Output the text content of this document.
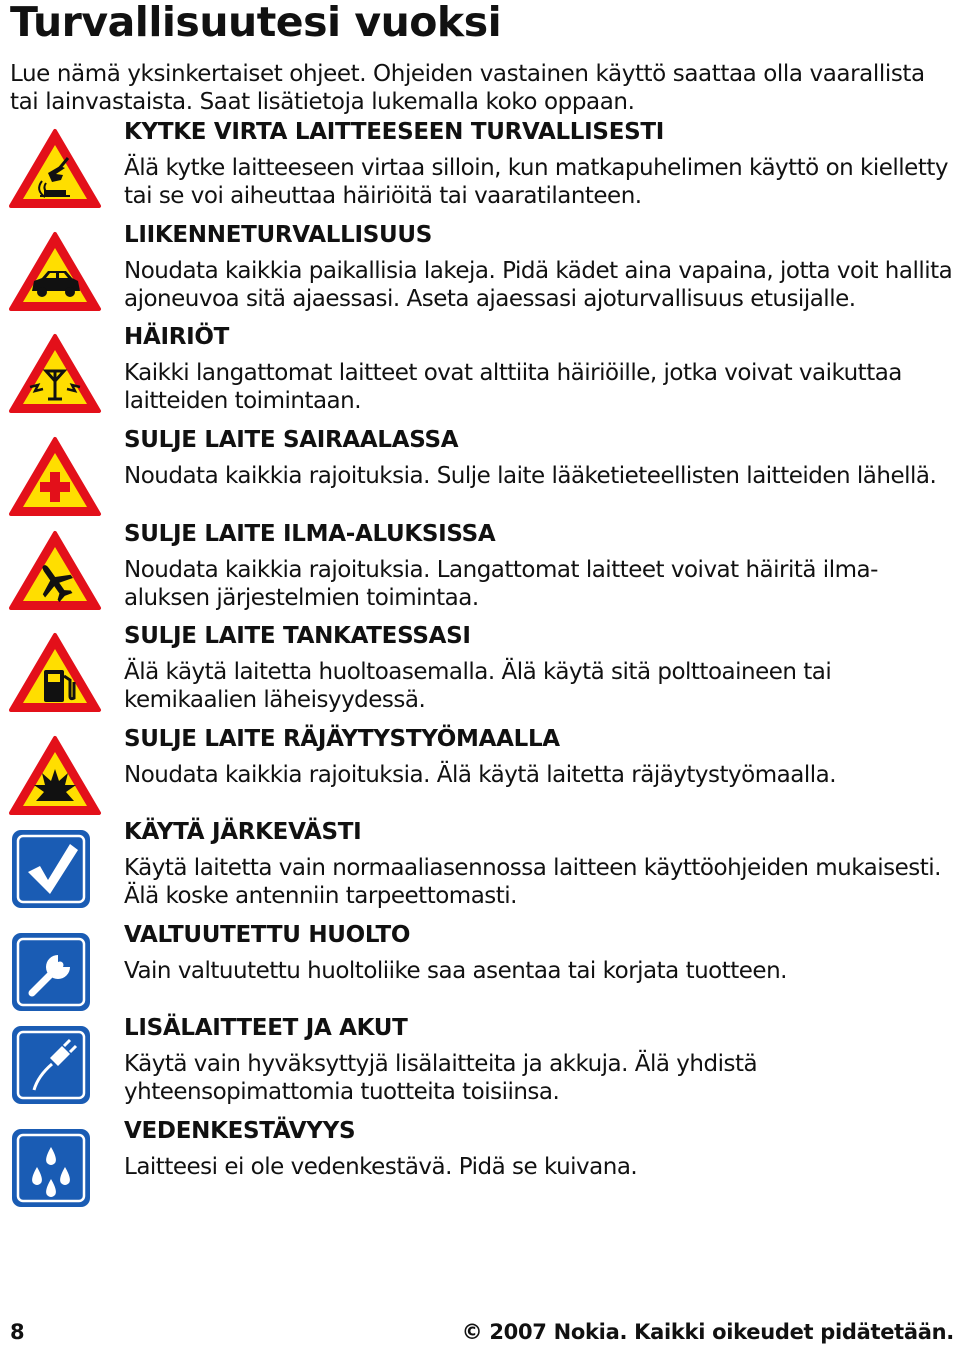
Turvallisuutesi vuoksi

Lue nämä yksinkertaiset ohjeet. Ohjeiden vastainen käyttö saattaa olla vaarallista tai lainvastaista. Saat lisätietoja lukemalla koko oppaan.

KYTKE VIRTA LAITTEESEEN TURVALLISESTI

Älä kytke laitteeseen virtaa silloin, kun matkapuhelimen käyttö on kielletty tai se voi aiheuttaa häiriöitä tai vaaratilanteen.

LIIKENNETURVALLISUUS

Noudata kaikkia paikallisia lakeja. Pidä kädet aina vapaina, jotta voit hallita ajoneuvoa sitä ajaessasi. Aseta ajaessasi ajoturvallisuus etusijalle.

HÄIRIÖT

Kaikki langattomat laitteet ovat alttiita häiriöille, jotka voivat vaikuttaa laitteiden toimintaan.

SULJE LAITE SAIRAALASSA

Noudata kaikkia rajoituksia. Sulje laite lääketieteellisten laitteiden lähellä.

SULJE LAITE ILMA-ALUKSISSA

Noudata kaikkia rajoituksia. Langattomat laitteet voivat häiritä ilma-aluksen järjestelmien toimintaa.

SULJE LAITE TANKATESSASI

Älä käytä laitetta huoltoasemalla. Älä käytä sitä polttoaineen tai kemikaalien läheisyydessä.

SULJE LAITE RÄJÄYTYSTYÖMAALLA

Noudata kaikkia rajoituksia. Älä käytä laitetta räjäytystyömaalla.

KÄYTÄ JÄRKEVÄSTI

Käytä laitetta vain normaaliasennossa laitteen käyttöohjeiden mukaisesti. Älä koske antenniin tarpeettomasti.

VALTUUTETTU HUOLTO

Vain valtuutettu huoltoliike saa asentaa tai korjata tuotteen.

LISÄLAITTEET JA AKUT

Käytä vain hyväksyttyjä lisälaitteita ja akkuja. Älä yhdistä yhteensopimattomia tuotteita toisiinsa.

VEDENKESTÄVYYS

Laitteesi ei ole vedenkestävä. Pidä se kuivana.

8	© 2007 Nokia. Kaikki oikeudet pidätetään.
